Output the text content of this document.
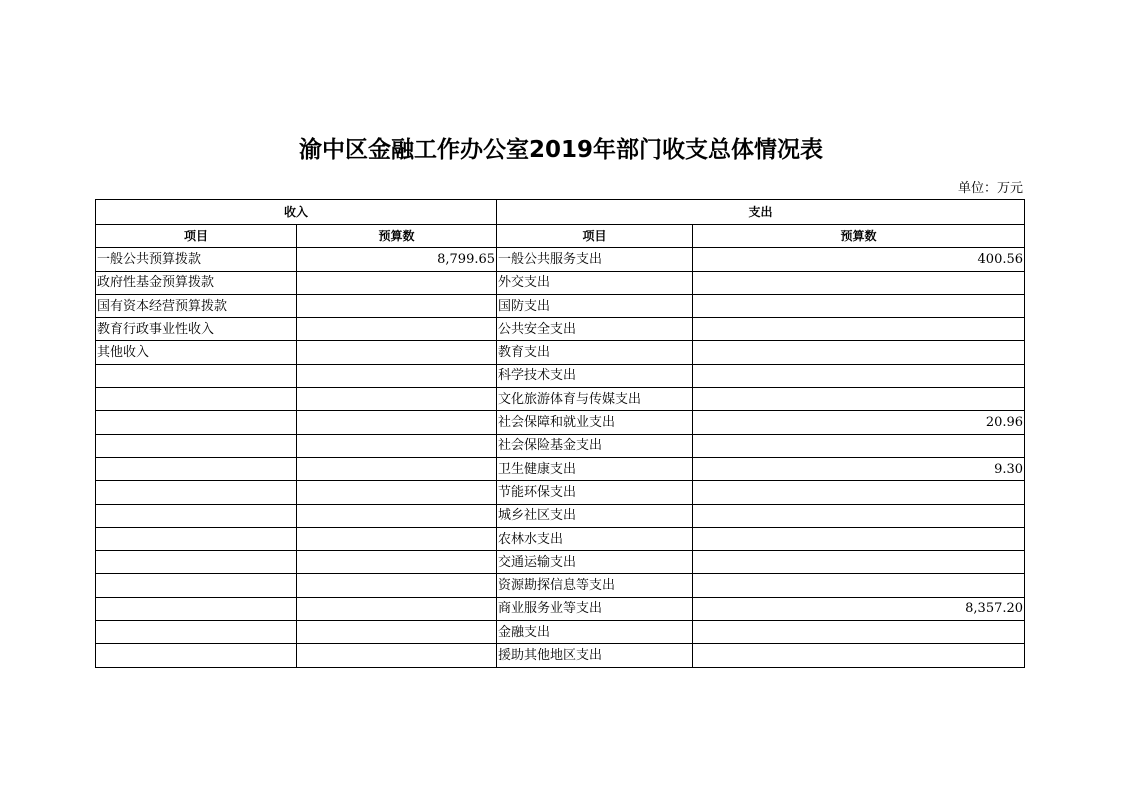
渝中区金融工作办公室2019年部门收支总体情况表
单位：万元
收入		支出	
项目	预算数	项目	预算数
一般公共预算拨款	8,799.65	一般公共服务支出	400.56
政府性基金预算拨款		外交支出	
国有资本经营预算拨款		国防支出	
教育行政事业性收入		公共安全支出	
其他收入		教育支出	
		科学技术支出	
		文化旅游体育与传媒支出	
		社会保障和就业支出	20.96
		社会保险基金支出	
		卫生健康支出	9.30
		节能环保支出	
		城乡社区支出	
		农林水支出	
		交通运输支出	
		资源勘探信息等支出	
		商业服务业等支出	8,357.20
		金融支出	
		援助其他地区支出	
